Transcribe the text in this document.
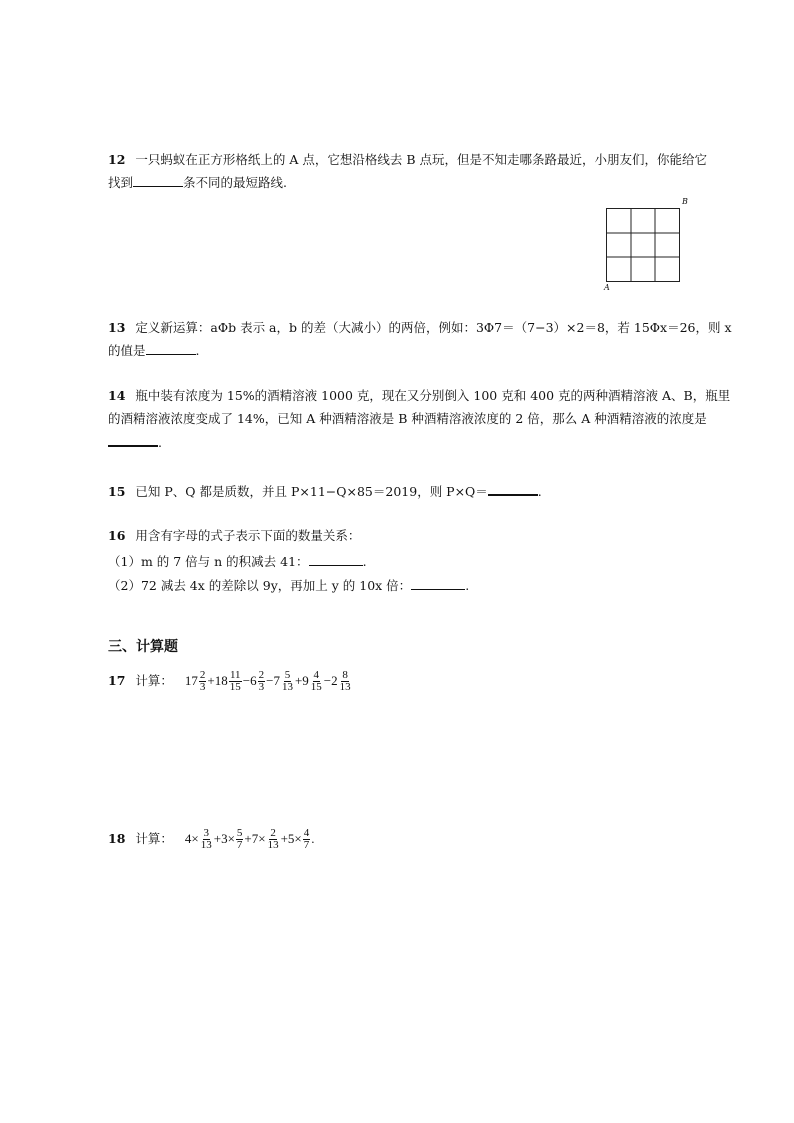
12 一只蚂蚁在正方形格纸上的 A 点，它想沿格线去 B 点玩，但是不知走哪条路最近，小朋友们，你能给它
找到	条不同的最短路线.
B
A
13 定义新运算：aΦb 表示 a，b 的差（大减小）的两倍，例如：3Φ7＝（7−3）×2＝8，若 15Φx＝26，则 x
的值是	.
14 瓶中装有浓度为 15%的酒精溶液 1000 克，现在又分别倒入 100 克和 400 克的两种酒精溶液 A、B，瓶里
的酒精溶液浓度变成了 14%，已知 A 种酒精溶液是 B 种酒精溶液浓度的 2 倍，那么 A 种酒精溶液的浓度是
.
15 已知 P、Q 都是质数，并且 P×11−Q×85＝2019，则 P×Q＝	.
16 用含有字母的式子表示下面的数量关系：
（1）m 的 7 倍与 n 的积减去 41：	.
（2）72 减去 4x 的差除以 9y，再加上 y 的 10x 倍：	.
三、计算题
17 计算： $17 \frac{2}{3} + 18 \frac{11}{15} - 6 \frac{2}{3} - 7 \frac{5}{13} + 9 \frac{4}{15} - 2 \frac{8}{13}$
18 计算： $4\times \frac{3}{13} +3\times \frac{5}{7} +7\times \frac{2}{13} +5\times \frac{4}{7}$ .
